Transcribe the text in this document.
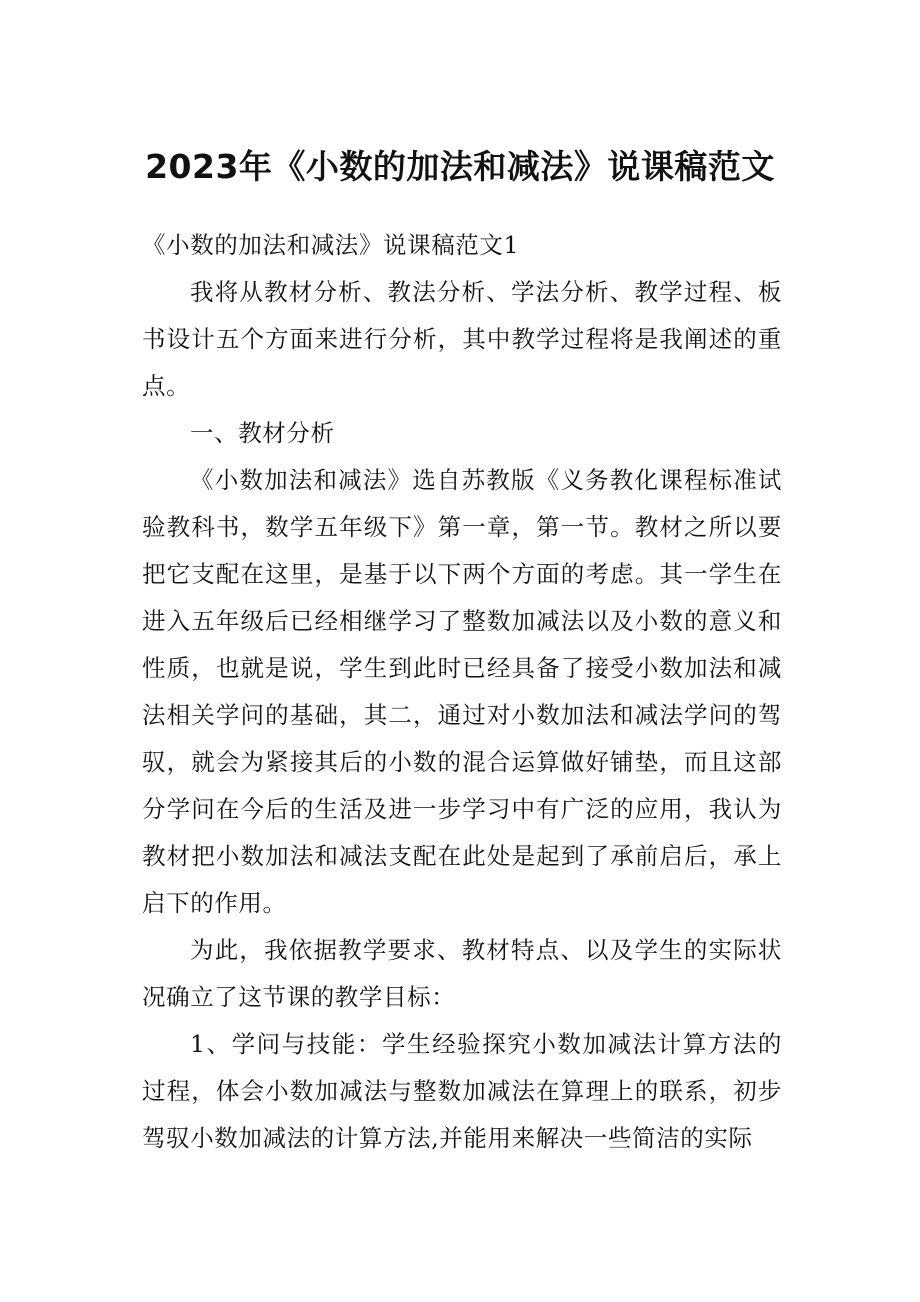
2023年《小数的加法和减法》说课稿范文

《小数的加法和减法》说课稿范文1

我将从教材分析、教法分析、学法分析、教学过程、板书设计五个方面来进行分析，其中教学过程将是我阐述的重点。

一、教材分析

《小数加法和减法》选自苏教版《义务教化课程标准试验教科书，数学五年级下》第一章，第一节。教材之所以要把它支配在这里，是基于以下两个方面的考虑。其一学生在进入五年级后已经相继学习了整数加减法以及小数的意义和性质，也就是说，学生到此时已经具备了接受小数加法和减法相关学问的基础，其二，通过对小数加法和减法学问的驾驭，就会为紧接其后的小数的混合运算做好铺垫，而且这部分学问在今后的生活及进一步学习中有广泛的应用，我认为教材把小数加法和减法支配在此处是起到了承前启后，承上启下的作用。

为此，我依据教学要求、教材特点、以及学生的实际状况确立了这节课的教学目标：

1、学问与技能：学生经验探究小数加减法计算方法的过程，体会小数加减法与整数加减法在算理上的联系，初步驾驭小数加减法的计算方法,并能用来解决一些简洁的实际
